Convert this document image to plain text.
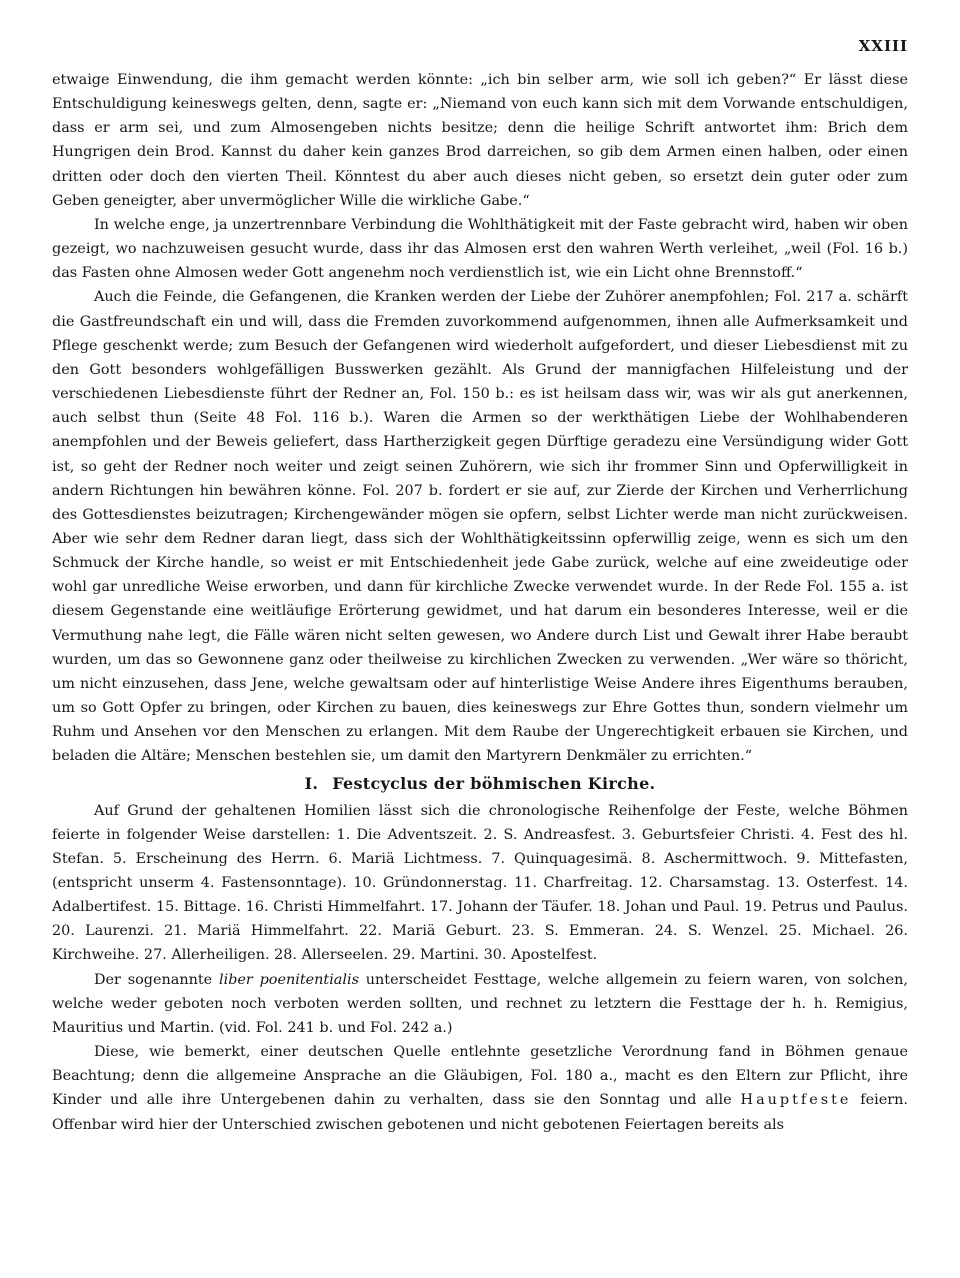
XXIII

etwaige Einwendung, die ihm gemacht werden könnte: „ich bin selber arm, wie soll ich geben?“ Er lässt diese Entschuldigung keineswegs gelten, denn, sagte er: „Niemand von euch kann sich mit dem Vorwande entschuldigen, dass er arm sei, und zum Almosengeben nichts besitze; denn die heilige Schrift antwortet ihm: Brich dem Hungrigen dein Brod. Kannst du daher kein ganzes Brod darreichen, so gib dem Armen einen halben, oder einen dritten oder doch den vierten Theil. Könntest du aber auch dieses nicht geben, so ersetzt dein guter oder zum Geben geneigter, aber unvermöglicher Wille die wirkliche Gabe.“

In welche enge, ja unzertrennbare Verbindung die Wohlthätigkeit mit der Faste gebracht wird, haben wir oben gezeigt, wo nachzuweisen gesucht wurde, dass ihr das Almosen erst den wahren Werth verleihet, „weil (Fol. 16 b.) das Fasten ohne Almosen weder Gott angenehm noch verdienstlich ist, wie ein Licht ohne Brennstoff.“

Auch die Feinde, die Gefangenen, die Kranken werden der Liebe der Zuhörer anempfohlen; Fol. 217 a. schärft die Gastfreundschaft ein und will, dass die Fremden zuvorkommend aufgenommen, ihnen alle Aufmerksamkeit und Pflege geschenkt werde; zum Besuch der Gefangenen wird wiederholt aufgefordert, und dieser Liebesdienst mit zu den Gott besonders wohlgefälligen Busswerken gezählt. Als Grund der mannigfachen Hilfeleistung und der verschiedenen Liebesdienste führt der Redner an, Fol. 150 b.: es ist heilsam dass wir, was wir als gut anerkennen, auch selbst thun (Seite 48 Fol. 116 b.). Waren die Armen so der werkthätigen Liebe der Wohlhabenderen anempfohlen und der Beweis geliefert, dass Hartherzigkeit gegen Dürftige geradezu eine Versündigung wider Gott ist, so geht der Redner noch weiter und zeigt seinen Zuhörern, wie sich ihr frommer Sinn und Opferwilligkeit in andern Richtungen hin bewähren könne. Fol. 207 b. fordert er sie auf, zur Zierde der Kirchen und Verherrlichung des Gottesdienstes beizutragen; Kirchengewänder mögen sie opfern, selbst Lichter werde man nicht zurückweisen. Aber wie sehr dem Redner daran liegt, dass sich der Wohlthätigkeitssinn opferwillig zeige, wenn es sich um den Schmuck der Kirche handle, so weist er mit Entschiedenheit jede Gabe zurück, welche auf eine zweideutige oder wohl gar unredliche Weise erworben, und dann für kirchliche Zwecke verwendet wurde. In der Rede Fol. 155 a. ist diesem Gegenstande eine weitläufige Erörterung gewidmet, und hat darum ein besonderes Interesse, weil er die Vermuthung nahe legt, die Fälle wären nicht selten gewesen, wo Andere durch List und Gewalt ihrer Habe beraubt wurden, um das so Gewonnene ganz oder theilweise zu kirchlichen Zwecken zu verwenden. „Wer wäre so thöricht, um nicht einzusehen, dass Jene, welche gewaltsam oder auf hinterlistige Weise Andere ihres Eigenthums berauben, um so Gott Opfer zu bringen, oder Kirchen zu bauen, dies keineswegs zur Ehre Gottes thun, sondern vielmehr um Ruhm und Ansehen vor den Menschen zu erlangen. Mit dem Raube der Ungerechtigkeit erbauen sie Kirchen, und beladen die Altäre; Menschen bestehlen sie, um damit den Martyrern Denkmäler zu errichten.“

I. Festcyclus der böhmischen Kirche.

Auf Grund der gehaltenen Homilien lässt sich die chronologische Reihenfolge der Feste, welche Böhmen feierte in folgender Weise darstellen: 1. Die Adventszeit. 2. S. Andreasfest. 3. Geburtsfeier Christi. 4. Fest des hl. Stefan. 5. Erscheinung des Herrn. 6. Mariä Lichtmess. 7. Quinquagesimä. 8. Aschermittwoch. 9. Mittefasten, (entspricht unserm 4. Fastensonntage). 10. Gründonnerstag. 11. Charfreitag. 12. Charsamstag. 13. Osterfest. 14. Adalbertifest. 15. Bittage. 16. Christi Himmelfahrt. 17. Johann der Täufer. 18. Johan und Paul. 19. Petrus und Paulus. 20. Laurenzi. 21. Mariä Himmelfahrt. 22. Mariä Geburt. 23. S. Emmeran. 24. S. Wenzel. 25. Michael. 26. Kirchweihe. 27. Allerheiligen. 28. Allerseelen. 29. Martini. 30. Apostelfest.

Der sogenannte liber poenitentialis unterscheidet Festtage, welche allgemein zu feiern waren, von solchen, welche weder geboten noch verboten werden sollten, und rechnet zu letztern die Festtage der h. h. Remigius, Mauritius und Martin. (vid. Fol. 241 b. und Fol. 242 a.)

Diese, wie bemerkt, einer deutschen Quelle entlehnte gesetzliche Verordnung fand in Böhmen genaue Beachtung; denn die allgemeine Ansprache an die Gläubigen, Fol. 180 a., macht es den Eltern zur Pflicht, ihre Kinder und alle ihre Untergebenen dahin zu verhalten, dass sie den Sonntag und alle Hauptfeste feiern. Offenbar wird hier der Unterschied zwischen gebotenen und nicht gebotenen Feiertagen bereits als
